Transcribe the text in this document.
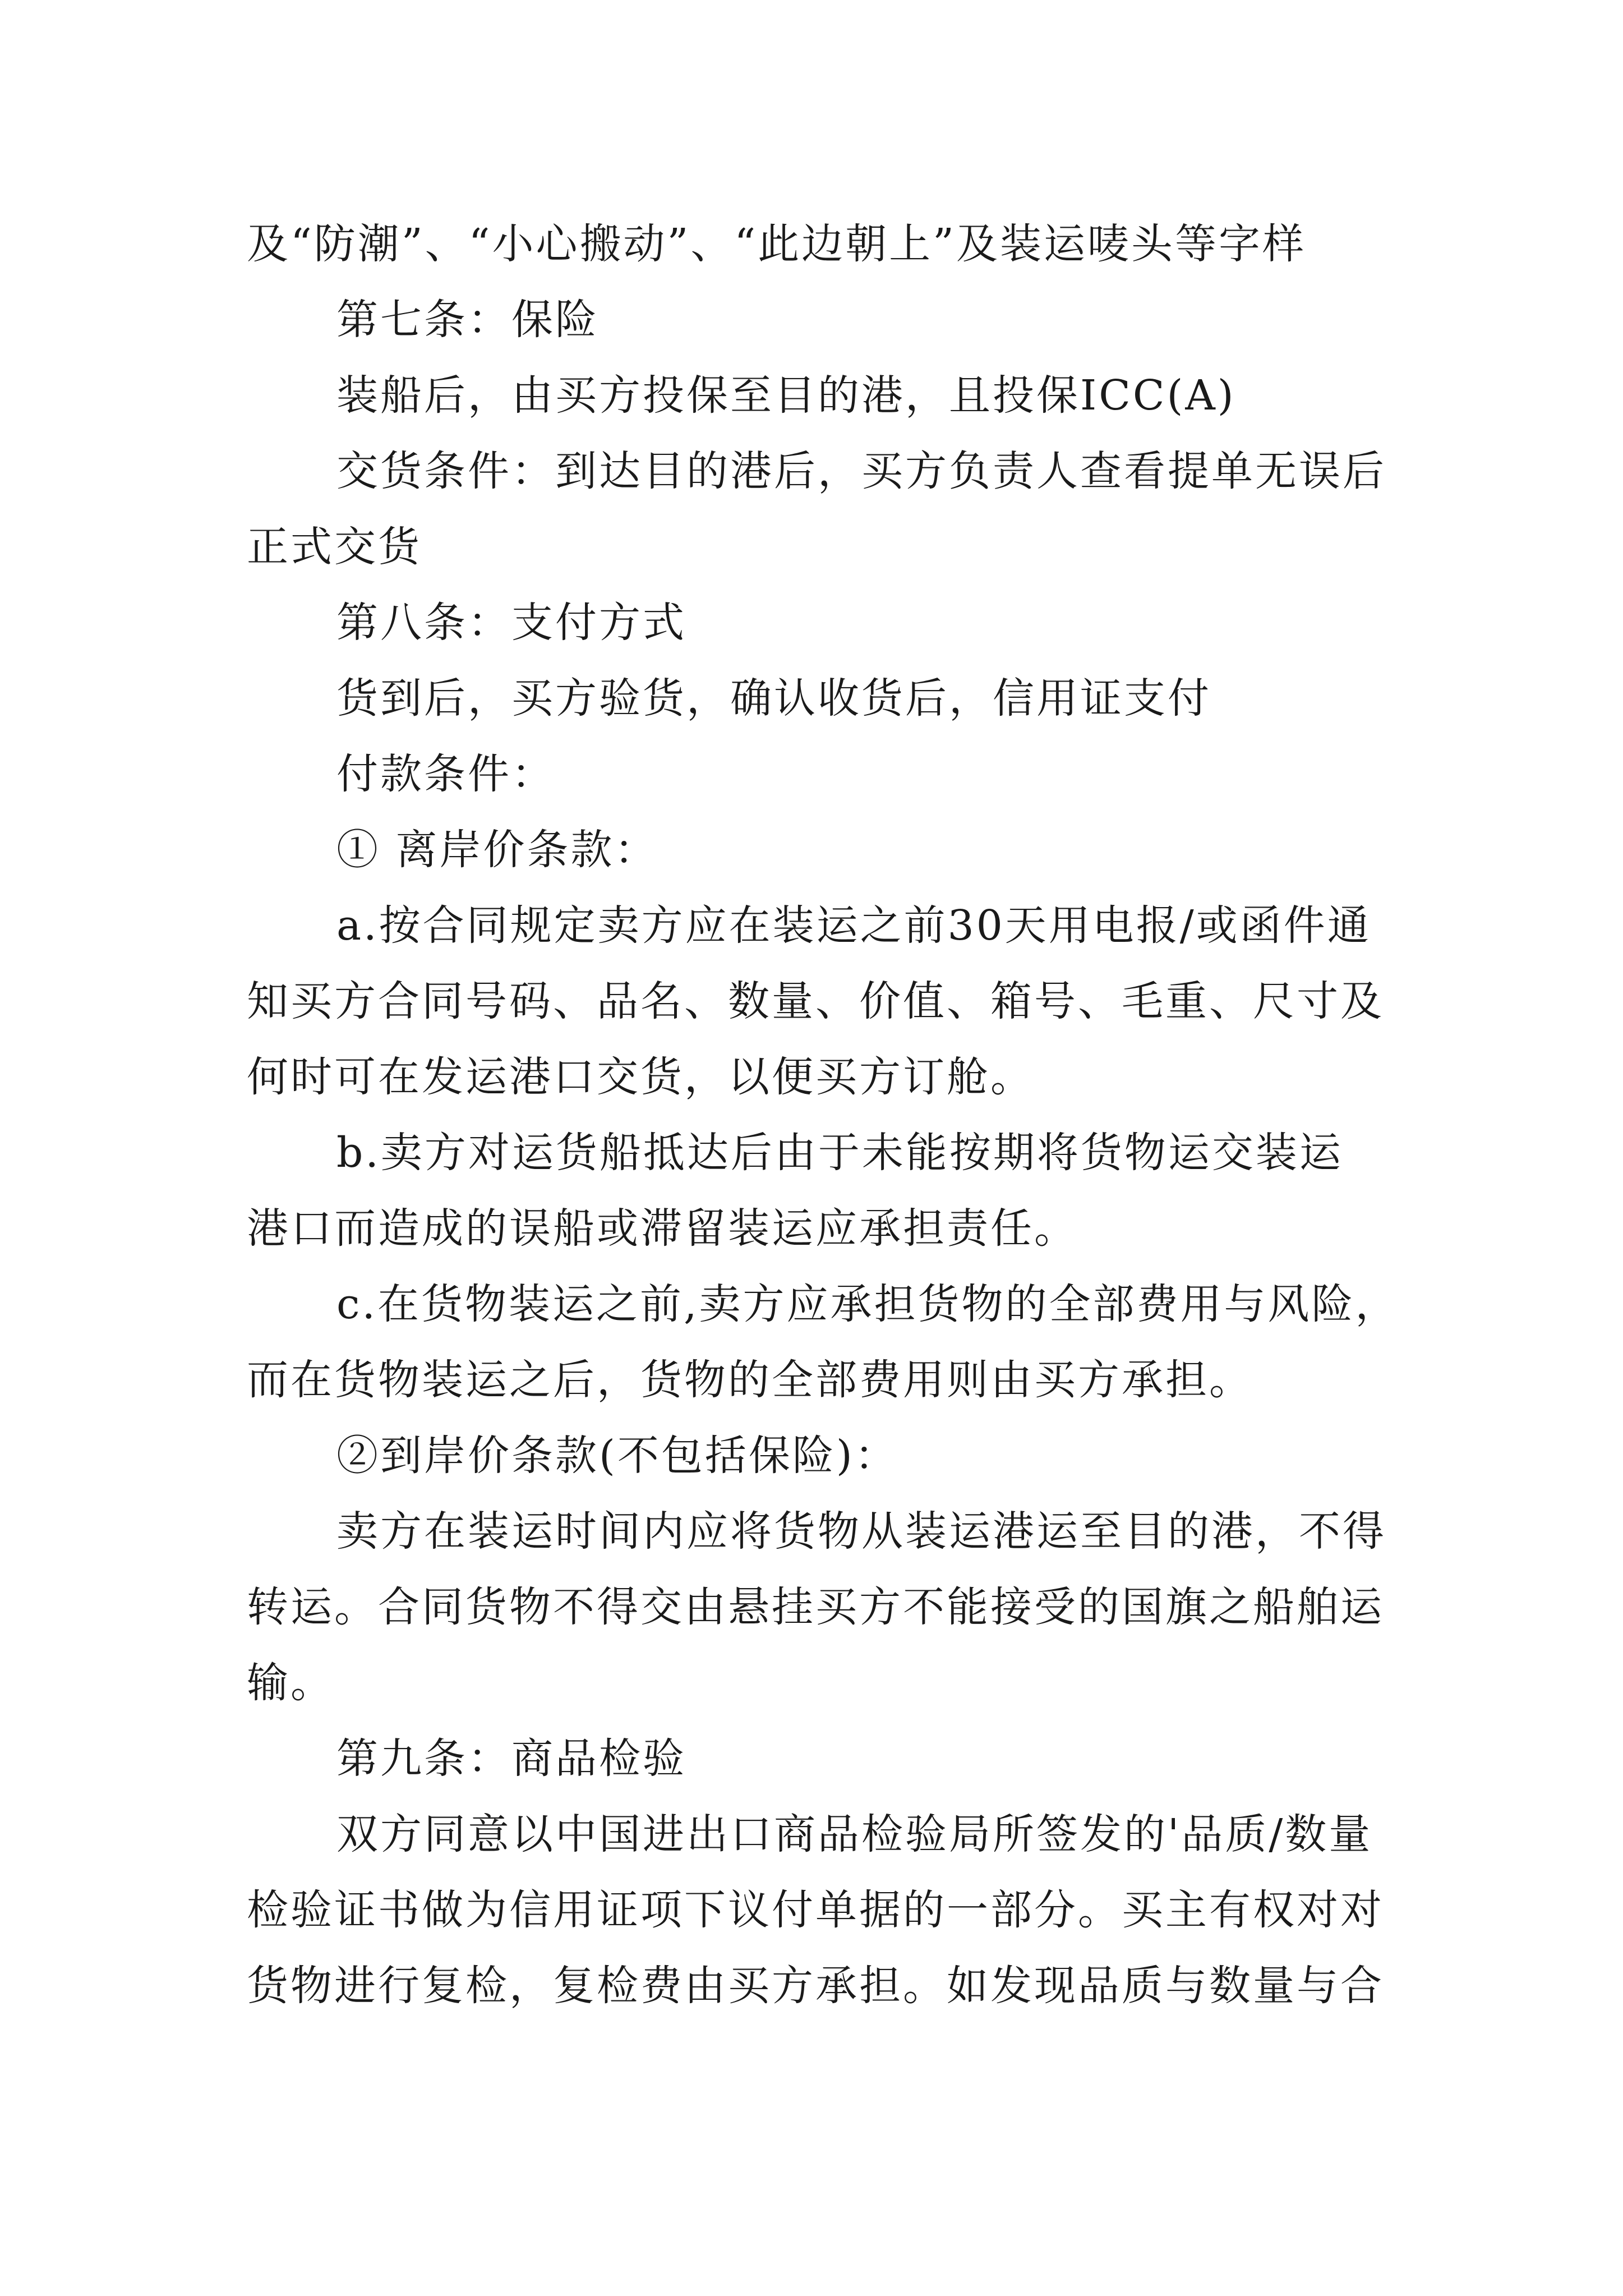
及“防潮”、“小心搬动”、“此边朝上”及装运唛头等字样

第七条：保险

装船后，由买方投保至目的港，且投保ICC(A)

交货条件：到达目的港后，买方负责人查看提单无误后

正式交货

第八条：支付方式

货到后，买方验货，确认收货后，信用证支付

付款条件：

① 离岸价条款：

a.按合同规定卖方应在装运之前30天用电报/或函件通

知买方合同号码、品名、数量、价值、箱号、毛重、尺寸及

何时可在发运港口交货，以便买方订舱。

b.卖方对运货船抵达后由于未能按期将货物运交装运

港口而造成的误船或滞留装运应承担责任。

c.在货物装运之前,卖方应承担货物的全部费用与风险，

而在货物装运之后，货物的全部费用则由买方承担。

②到岸价条款(不包括保险)：

卖方在装运时间内应将货物从装运港运至目的港，不得

转运。合同货物不得交由悬挂买方不能接受的国旗之船舶运

输。

第九条：商品检验

双方同意以中国进出口商品检验局所签发的'品质/数量

检验证书做为信用证项下议付单据的一部分。买主有权对对

货物进行复检，复检费由买方承担。如发现品质与数量与合
